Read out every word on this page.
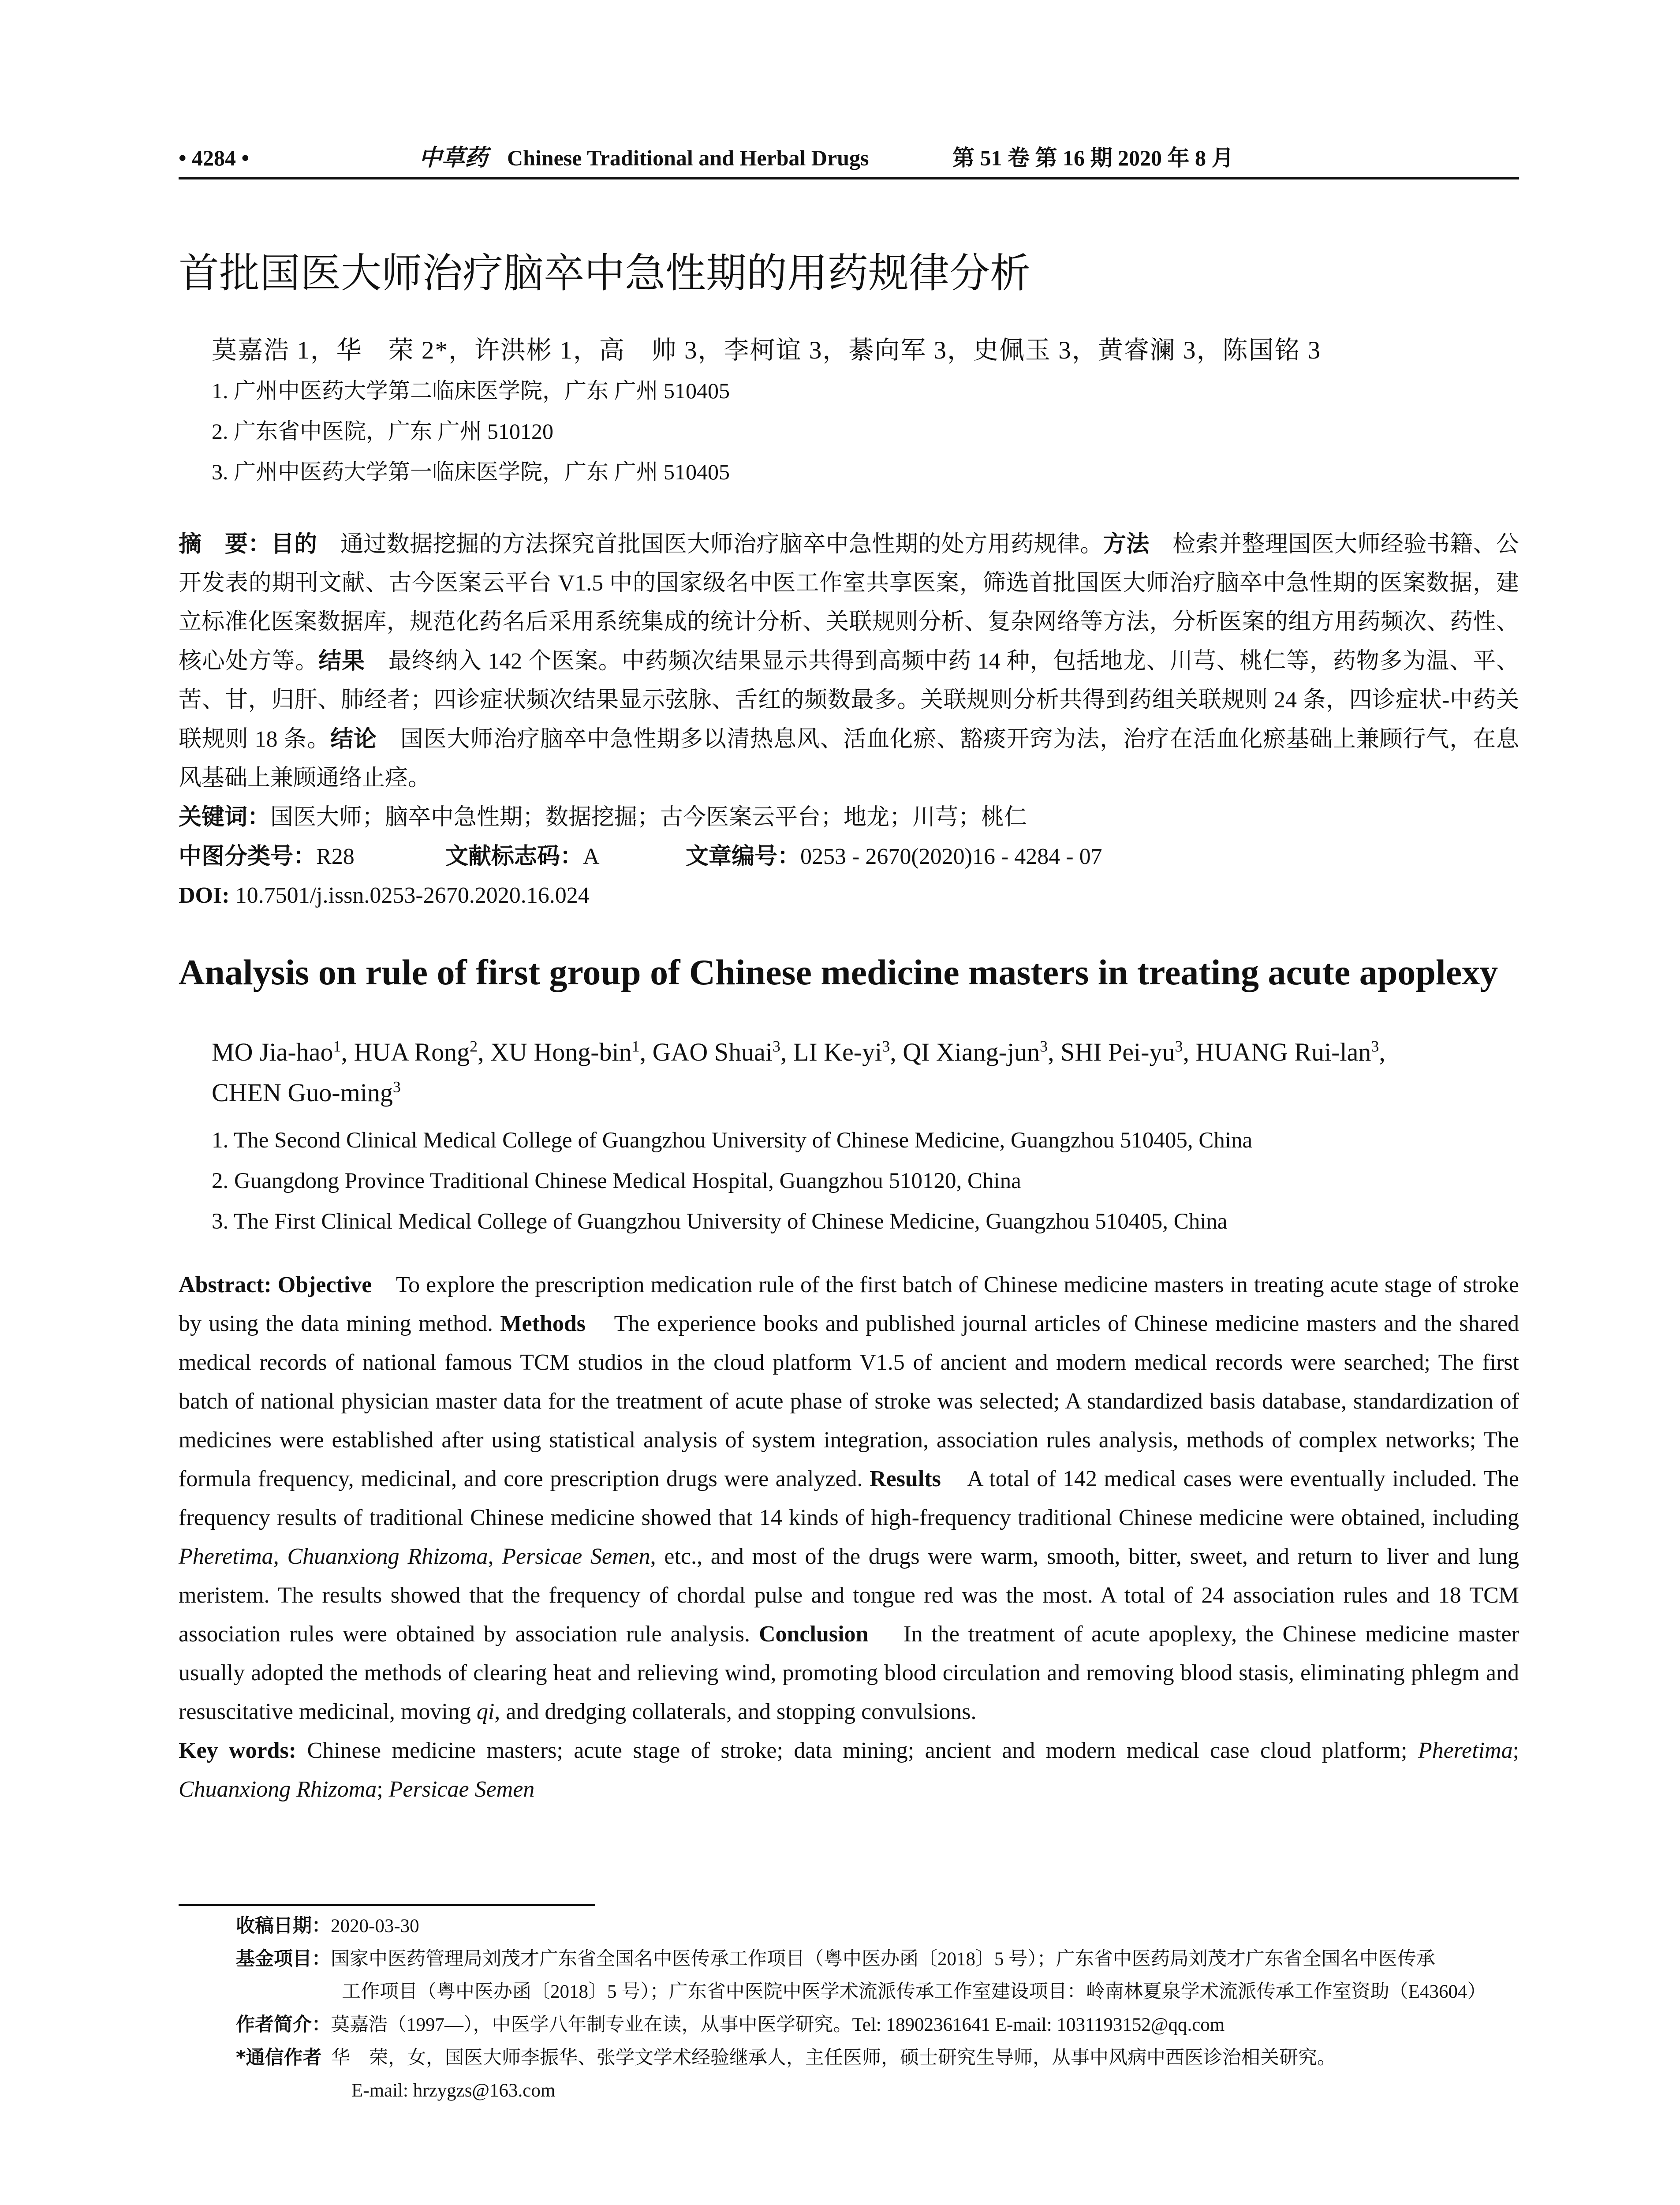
• 4284 •	中草药 Chinese Traditional and Herbal Drugs	第 51 卷 第 16 期 2020 年 8 月
首批国医大师治疗脑卒中急性期的用药规律分析
莫嘉浩 1，华　荣 2*，许洪彬 1，高　帅 3，李柯谊 3，綦向军 3，史佩玉 3，黄睿澜 3，陈国铭 3
1. 广州中医药大学第二临床医学院，广东 广州 510405
2. 广东省中医院，广东 广州 510120
3. 广州中医药大学第一临床医学院，广东 广州 510405

摘　要：目的　 通过数据挖掘的方法探究首批国医大师治疗脑卒中急性期的处方用药规律。方法　 检索并整理国医大师经验书籍、公开发表的期刊文献、古今医案云平台 V1.5 中的国家级名中医工作室共享医案，筛选首批国医大师治疗脑卒中急性期的医案数据，建立标准化医案数据库，规范化药名后采用系统集成的统计分析、关联规则分析、复杂网络等方法，分析医案的组方用药频次、药性、核心处方等。结果　 最终纳入 142 个医案。中药频次结果显示共得到高频中药 14 种，包括地龙、川芎、桃仁等，药物多为温、平、苦、甘，归肝、肺经者；四诊症状频次结果显示弦脉、舌红的频数最多。关联规则分析共得到药组关联规则 24 条，四诊症状-中药关联规则 18 条。结论　 国医大师治疗脑卒中急性期多以清热息风、活血化瘀、豁痰开窍为法，治疗在活血化瘀基础上兼顾行气，在息风基础上兼顾通络止痉。

关键词：国医大师；脑卒中急性期；数据挖掘；古今医案云平台；地龙；川芎；桃仁

中图分类号：R28	文献标志码：A	文章编号：0253 - 2670(2020)16 - 4284 - 07

DOI: 10.7501/j.issn.0253-2670.2020.16.024

Analysis on rule of first group of Chinese medicine masters in treating acute apoplexy

MO Jia-hao$^1$, HUA Rong$^2$, XU Hong-bin$^1$, GAO Shuai$^3$, LI $Ke-yi^3$, QI Xiang-jun$^3$, SHI Pei-$yu^3$, HUANG Rui-lan$^3$,

CHEN Guo-ming$^3$

1. The Second Clinical Medical College of Guangzhou University of Chinese Medicine, Guangzhou 510405, China
2. Guangdong Province Traditional Chinese Medical Hospital, Guangzhou 510120, China
3. The First Clinical Medical College of Guangzhou University of Chinese Medicine, Guangzhou 510405, China

Abstract: Objective To explore the prescription medication rule of the first batch of Chinese medicine masters in treating acute stage of stroke by using the data mining method. Methods The experience books and published journal articles of Chinese medicine masters and the shared medical records of national famous TCM studios in the cloud platform V1.5 of ancient and modern medical records were searched; The first batch of national physician master data for the treatment of acute phase of stroke was selected; A standardized basis database, standardization of medicines were established after using statistical analysis of system integration, association rules analysis, methods of complex networks; The formula frequency, medicinal, and core prescription drugs were analyzed. Results A total of 142 medical cases were eventually included. The frequency results of traditional Chinese medicine showed that 14 kinds of high-frequency traditional Chinese medicine were obtained, including Pheretima, Chuanxiong Rhizoma, Persicae Semen, etc., and most of the drugs were warm, smooth, bitter, sweet, and return to liver and lung meristem. The results showed that the frequency of chordal pulse and tongue red was the most. A total of 24 association rules and 18 TCM association rules were obtained by association rule analysis. Conclusion In the treatment of acute apoplexy, the Chinese medicine master usually adopted the methods of clearing heat and relieving wind, promoting blood circulation and removing blood stasis, eliminating phlegm and resuscitative medicinal, moving qi, and dredging collaterals, and stopping convulsions.

Key words: Chinese medicine masters; acute stage of stroke; data mining; ancient and modern medical case cloud platform; Pheretima; Chuanxiong Rhizoma; Persicae Semen

收稿日期：2020-03-30
基金项目：国家中医药管理局刘茂才广东省全国名中医传承工作项目（粤中医办函〔2018〕5 号）；广东省中医药局刘茂才广东省全国名中医传承
工作项目（粤中医办函〔2018〕5 号）；广东省中医院中医学术流派传承工作室建设项目：岭南林夏泉学术流派传承工作室资助（E43604）
作者简介：莫嘉浩（1997—），中医学八年制专业在读，从事中医学研究。Tel: 18902361641 E-mail: 1031193152@qq.com
*通信作者 华　荣，女，国医大师李振华、张学文学术经验继承人，主任医师，硕士研究生导师，从事中风病中西医诊治相关研究。
E-mail: hrzygzs@163.com
